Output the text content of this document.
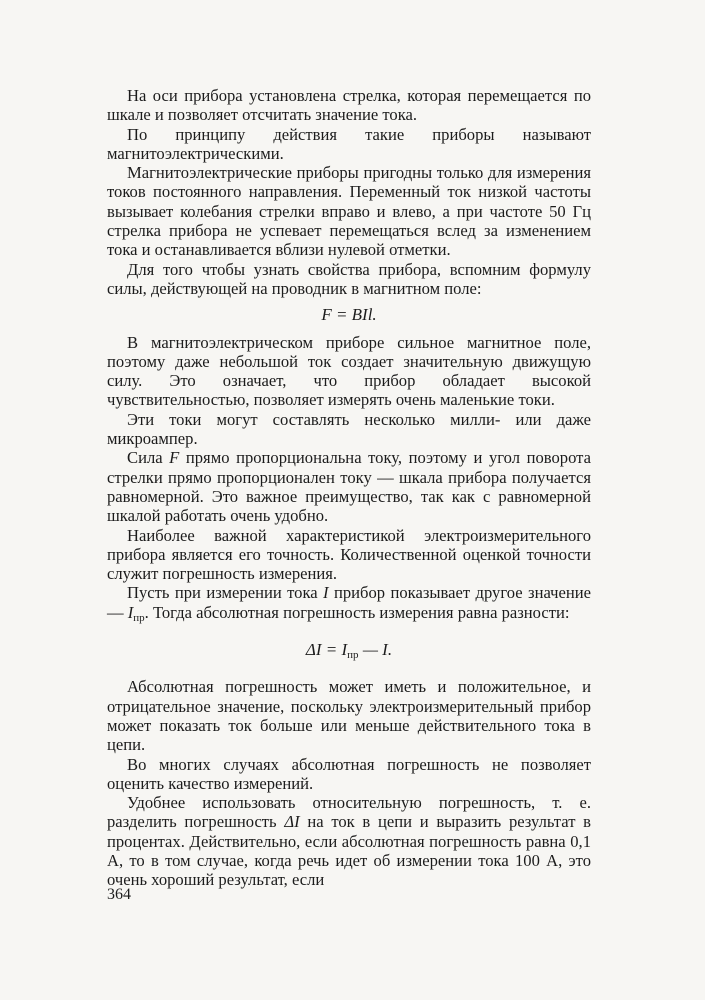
На оси прибора установлена стрелка, которая перемещается по шкале и позволяет отсчитать значение тока.

По принципу действия такие приборы называют магнитоэлектрическими.

Магнитоэлектрические приборы пригодны только для измерения токов постоянного направления. Переменный ток низкой частоты вызывает колебания стрелки вправо и влево, а при частоте 50 Гц стрелка прибора не успевает перемещаться вслед за изменением тока и останавливается вблизи нулевой отметки.

Для того чтобы узнать свойства прибора, вспомним формулу силы, действующей на проводник в магнитном поле:

F = BIl.

В магнитоэлектрическом приборе сильное магнитное поле, поэтому даже небольшой ток создает значительную движущую силу. Это означает, что прибор обладает высокой чувствительностью, позволяет измерять очень маленькие токи.

Эти токи могут составлять несколько милли- или даже микроампер.

Сила F прямо пропорциональна току, поэтому и угол поворота стрелки прямо пропорционален току — шкала прибора получается равномерной. Это важное преимущество, так как с равномерной шкалой работать очень удобно.

Наиболее важной характеристикой электроизмерительного прибора является его точность. Количественной оценкой точности служит погрешность измерения.

Пусть при измерении тока I прибор показывает другое значение — $I_{пр}$. Тогда абсолютная погрешность измерения равна разности:

$\Delta I = I_{пр}$ — I.

Абсолютная погрешность может иметь и положительное, и отрицательное значение, поскольку электроизмерительный прибор может показать ток больше или меньше действительного тока в цепи.

Во многих случаях абсолютная погрешность не позволяет оценить качество измерений.

Удобнее использовать относительную погрешность, т. е. разделить погрешность ΔI на ток в цепи и выразить результат в процентах. Действительно, если абсолютная погрешность равна 0,1 А, то в том случае, когда речь идет об измерении тока 100 А, это очень хороший результат, если

364
